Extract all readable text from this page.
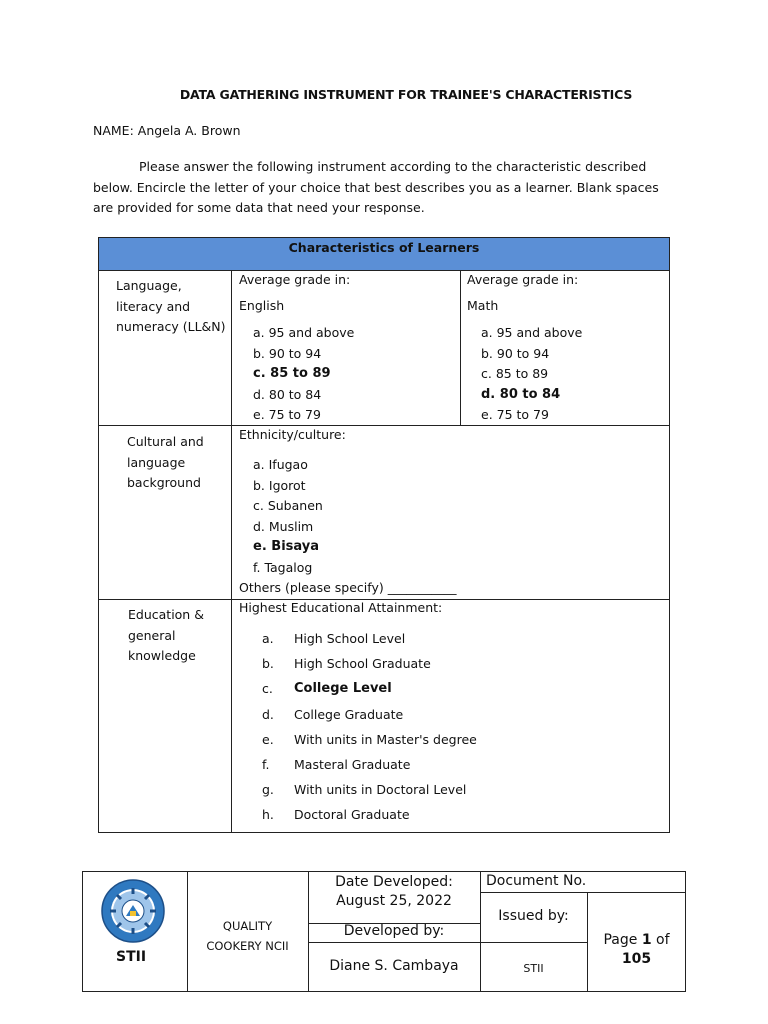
DATA GATHERING INSTRUMENT FOR TRAINEE'S CHARACTERISTICS
NAME: Angela A. Brown
Please answer the following instrument according to the characteristic described
below. Encircle the letter of your choice that best describes you as a learner. Blank spaces are provided for some data that need your response.
Characteristics of Learners
Language,
literacy and
numeracy (LL&N)
Average grade in:
English
a. 95 and above
b. 90 to 94
c. 85 to 89
d. 80 to 84
e. 75 to 79
Average grade in:
Math
a. 95 and above
b. 90 to 94
c. 85 to 89
d. 80 to 84
e. 75 to 79
Cultural and
language
background
Ethnicity/culture:
a. Ifugao
b. Igorot
c. Subanen
d. Muslim
e. Bisaya
f. Tagalog
Others (please specify) ___________
Education &
general
knowledge
Highest Educational Attainment:
a. High School Level
b. High School Graduate
c. College Level
d. College Graduate
e. With units in Master's degree
f. Masteral Graduate
g. With units in Doctoral Level
h. Doctoral Graduate
STII
QUALITY
COOKERY NCII
Date Developed:
August 25, 2022
Developed by:
Diane S. Cambaya
Document No.
Issued by:
STII
Page 1 of
105
